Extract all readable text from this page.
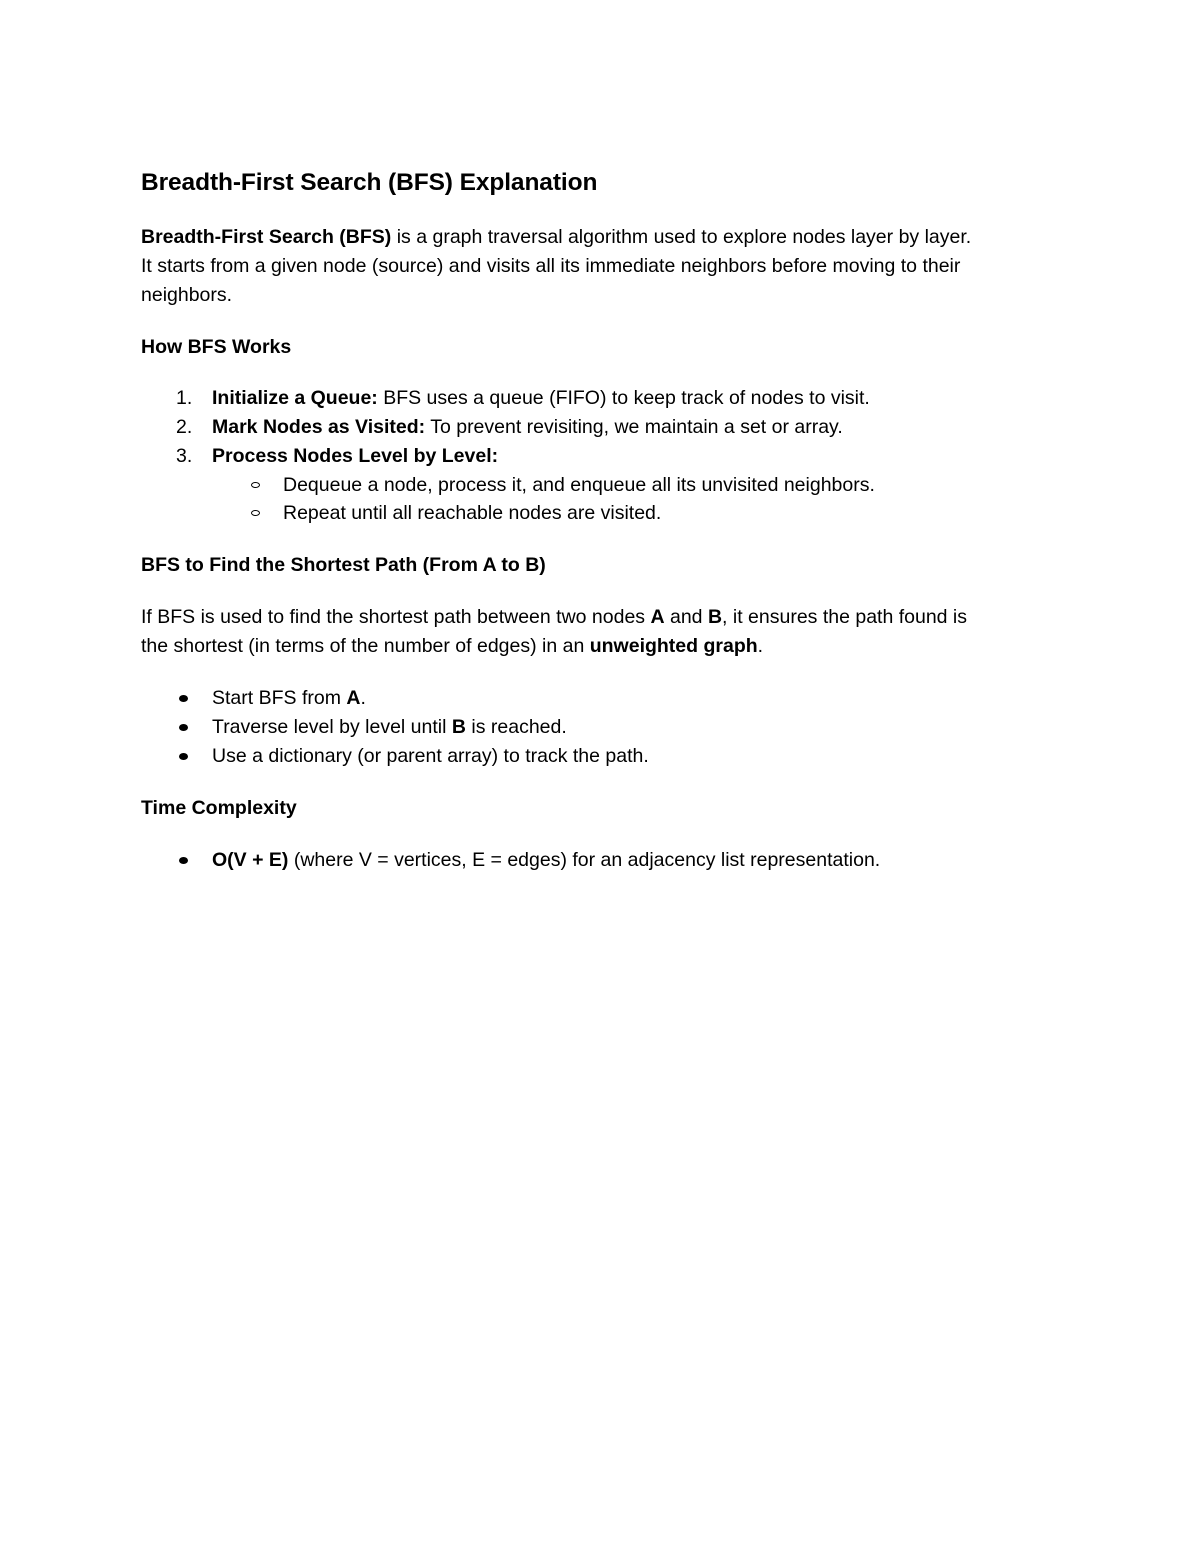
Breadth-First Search (BFS) Explanation

Breadth-First Search (BFS) is a graph traversal algorithm used to explore nodes layer by layer.
It starts from a given node (source) and visits all its immediate neighbors before moving to their
neighbors.

How BFS Works
1. Initialize a Queue: BFS uses a queue (FIFO) to keep track of nodes to visit.
2. Mark Nodes as Visited: To prevent revisiting, we maintain a set or array.
3. Process Nodes Level by Level:
Dequeue a node, process it, and enqueue all its unvisited neighbors.
Repeat until all reachable nodes are visited.
BFS to Find the Shortest Path (From A to B)

If BFS is used to find the shortest path between two nodes A and B, it ensures the path found is
the shortest (in terms of the number of edges) in an unweighted graph.

Start BFS from A.
Traverse level by level until B is reached.
Use a dictionary (or parent array) to track the path.
Time Complexity
O(V + E) (where V = vertices, E = edges) for an adjacency list representation.
